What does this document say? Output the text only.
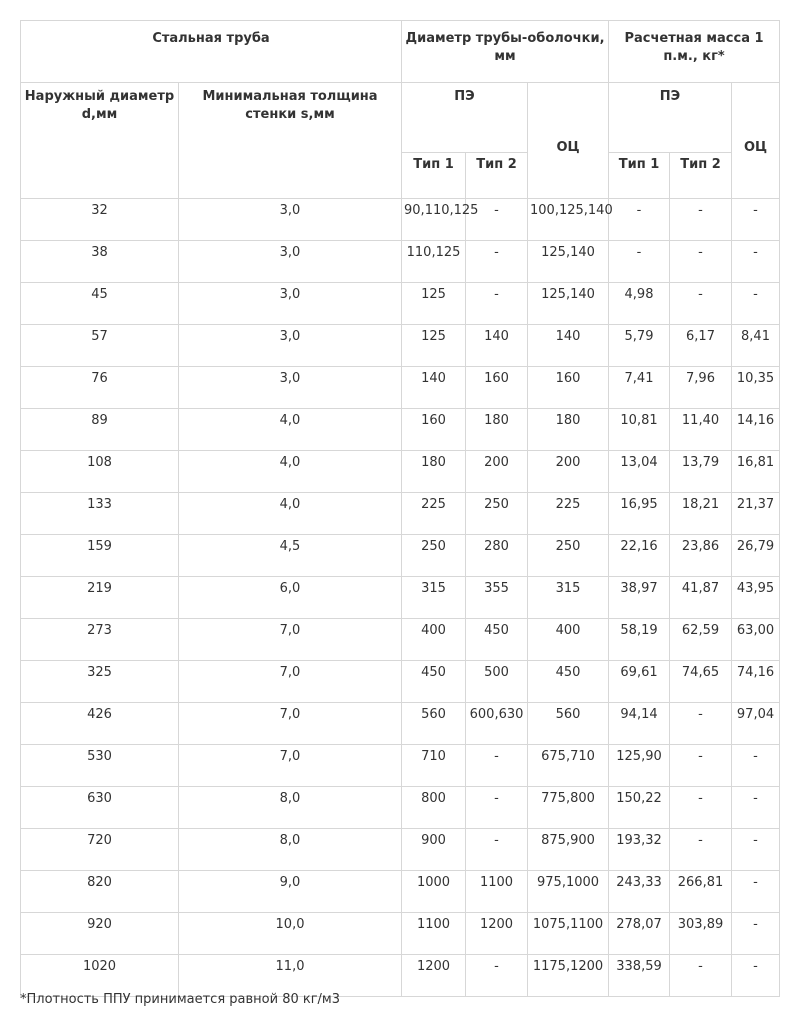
Стальная труба		Диаметр трубы-оболочки, мм			Расчетная масса 1 п.м., кг*		
Наружный диаметр d,мм	Минимальная толщина стенки s,мм	ПЭ		ОЦ	ПЭ		ОЦ
		Тип 1	Тип 2		Тип 1	Тип 2	
32	3,0	90,110,125	-	100,125,140	-	-	-
38	3,0	110,125	-	125,140	-	-	-
45	3,0	125	-	125,140	4,98	-	-
57	3,0	125	140	140	5,79	6,17	8,41
76	3,0	140	160	160	7,41	7,96	10,35
89	4,0	160	180	180	10,81	11,40	14,16
108	4,0	180	200	200	13,04	13,79	16,81
133	4,0	225	250	225	16,95	18,21	21,37
159	4,5	250	280	250	22,16	23,86	26,79
219	6,0	315	355	315	38,97	41,87	43,95
273	7,0	400	450	400	58,19	62,59	63,00
325	7,0	450	500	450	69,61	74,65	74,16
426	7,0	560	600,630	560	94,14	-	97,04
530	7,0	710	-	675,710	125,90	-	-
630	8,0	800	-	775,800	150,22	-	-
720	8,0	900	-	875,900	193,32	-	-
820	9,0	1000	1100	975,1000	243,33	266,81	-
920	10,0	1100	1200	1075,1100	278,07	303,89	-
1020	11,0	1200	-	1175,1200	338,59	-	-
*Плотность ППУ принимается равной 80 кг/м3
